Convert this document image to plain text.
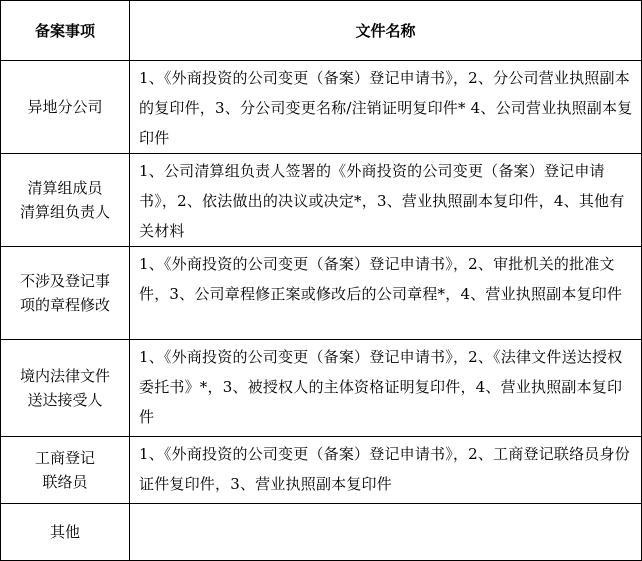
备案事项	文件名称

异地分公司	1、《外商投资的公司变更（备案）登记申请书》，2、分公司营业执照副本的复印件，3、分公司变更名称/注销证明复印件* 4、公司营业执照副本复印件

清算组成员
清算组负责人	1、公司清算组负责人签署的《外商投资的公司变更（备案）登记申请书》，2、依法做出的决议或决定*，3、营业执照副本复印件，4、其他有关材料

不涉及登记事
项的章程修改	1、《外商投资的公司变更（备案）登记申请书》，2、审批机关的批准文件，3、公司章程修正案或修改后的公司章程*，4、营业执照副本复印件

境内法律文件
送达接受人	1、《外商投资的公司变更（备案）登记申请书》，2、《法律文件送达授权委托书》*，3、被授权人的主体资格证明复印件，4、营业执照副本复印件

工商登记
联络员	1、《外商投资的公司变更（备案）登记申请书》，2、工商登记联络员身份证件复印件，3、营业执照副本复印件

其他	
